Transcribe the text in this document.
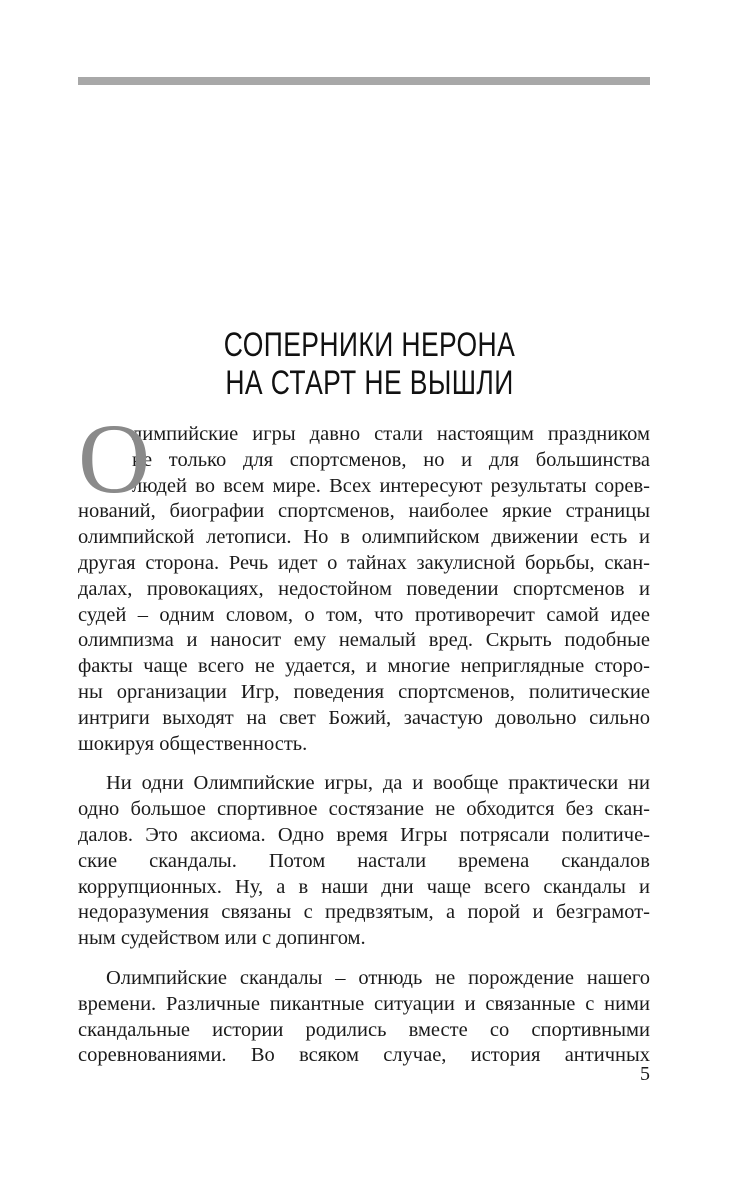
СОПЕРНИКИ НЕРОНА
НА СТАРТ НЕ ВЫШЛИ
О
лимпийские игры давно стали настоящим праздником
не только для спортсменов, но и для большинства
людей во всем мире. Всех интересуют результаты сорев-
нований, биографии спортсменов, наиболее яркие страницы
олимпийской летописи. Но в олимпийском движении есть и
другая сторона. Речь идет о тайнах закулисной борьбы, скан-
далах, провокациях, недостойном поведении спортсменов и
судей – одним словом, о том, что противоречит самой идее
олимпизма и наносит ему немалый вред. Скрыть подобные
факты чаще всего не удается, и многие неприглядные сторо-
ны организации Игр, поведения спортсменов, политические
интриги выходят на свет Божий, зачастую довольно сильно
шокируя общественность.
Ни одни Олимпийские игры, да и вообще практически ни
одно большое спортивное состязание не обходится без скан-
далов. Это аксиома. Одно время Игры потрясали политиче-
ские скандалы. Потом настали времена скандалов
коррупционных. Ну, а в наши дни чаще всего скандалы и
недоразумения связаны с предвзятым, а порой и безграмот-
ным судейством или с допингом.
Олимпийские скандалы – отнюдь не порождение нашего
времени. Различные пикантные ситуации и связанные с ними
скандальные истории родились вместе со спортивными
соревнованиями. Во всяком случае, история античных
5
